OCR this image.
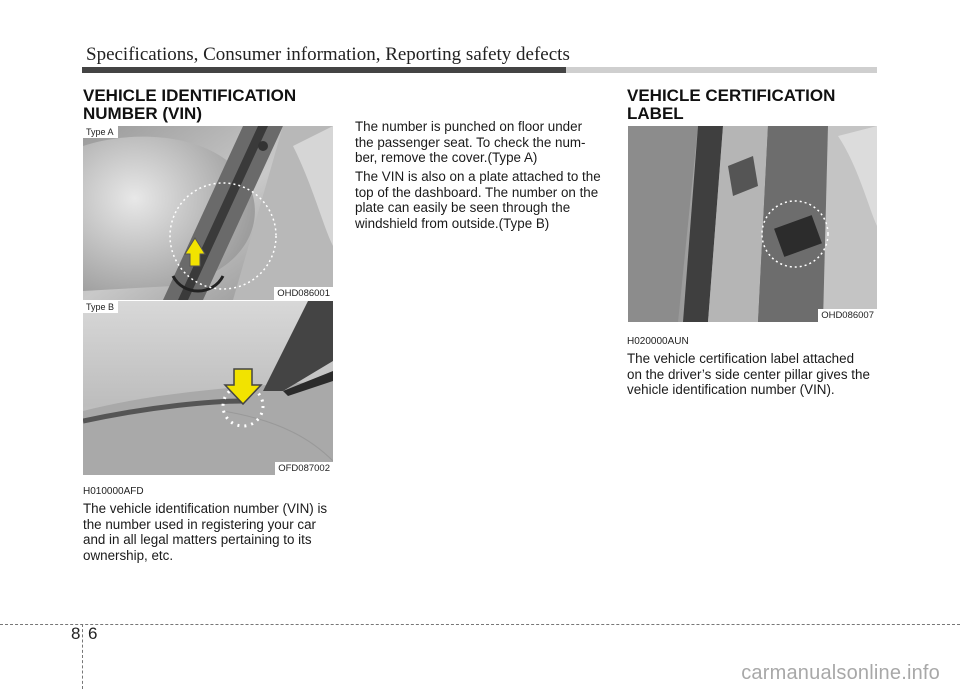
Specifications, Consumer information, Reporting safety defects
VEHICLE IDENTIFICATION
NUMBER (VIN)
Type A
OHD086001
Type B
OFD087002
H010000AFD
The vehicle identification number (VIN) is
the number used in registering your car
and in all legal matters pertaining to its
ownership, etc.
The number is punched on floor under
the passenger seat. To check the num-
ber, remove the cover.(Type A)
The VIN is also on a plate attached to the
top of the dashboard. The number on the
plate can easily be seen through the
windshield from outside.(Type B)
VEHICLE CERTIFICATION
LABEL
OHD086007
H020000AUN
The vehicle certification label attached
on the driver’s side center pillar gives the
vehicle identification number (VIN).
8 6
carmanualsonline.info
